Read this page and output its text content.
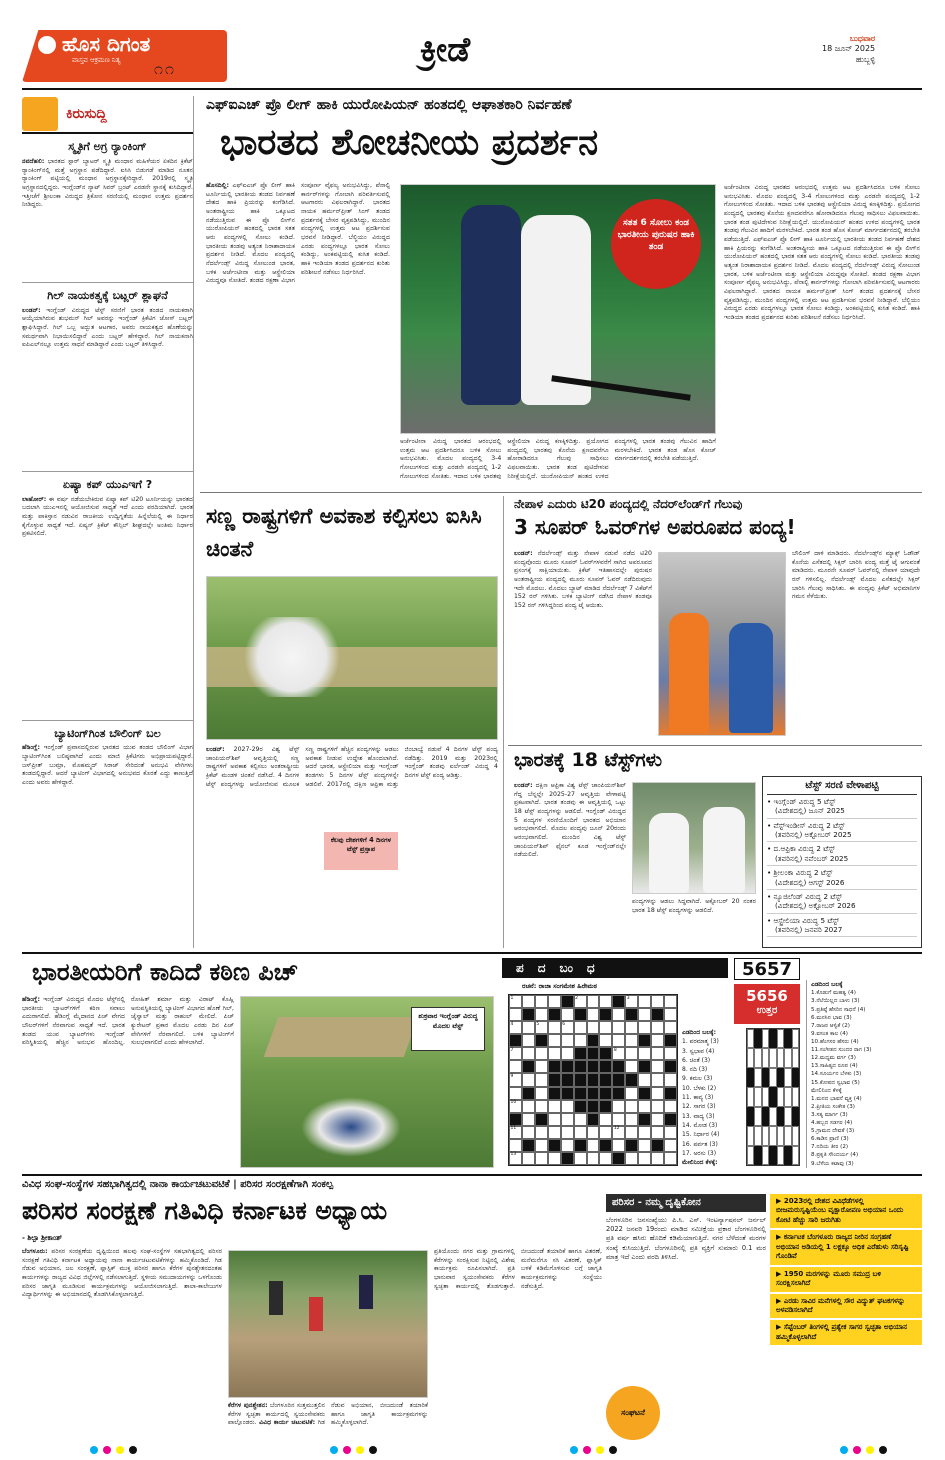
ಹೊಸ ದಿಗಂತ
ವಾಸ್ತವ ಆಕ್ರಮಣ ನಿತ್ಯ ೧೧	ಕ್ರೀಡೆ	ಬುಧವಾರ
18 ಜೂನ್ 2025
ಹುಬ್ಬಳ್ಳಿ
ಕಿರುಸುದ್ದಿ
ಸ್ಮೃತಿಗೆ ಅಗ್ರ ರ‍್ಯಾಂಕಿಂಗ್
ನವದೆಹಲಿ: ಭಾರತದ ಸ್ಟಾರ್ ಬ್ಯಾಟರ್ ಸ್ಮೃತಿ ಮಂಧಾನ ಮಹಿಳೆಯರ ಏಕದಿನ ಕ್ರಿಕೆಟ್ ರ‍್ಯಾಂಕಿಂಗ್‌ನಲ್ಲಿ ಮತ್ತೆ ಅಗ್ರಸ್ಥಾನ ಪಡೆದಿದ್ದಾರೆ. ಐಸಿಸಿ ಬಿಡುಗಡೆ ಮಾಡಿದ ನೂತನ ರ‍್ಯಾಂಕಿಂಗ್ ಪಟ್ಟಿಯಲ್ಲಿ ಮಂಧಾನ ಅಗ್ರಸ್ಥಾನಕ್ಕೇರಿದ್ದಾರೆ. 2019ರಲ್ಲಿ ಸ್ಮೃತಿ ಅಗ್ರಸ್ಥಾನದಲ್ಲಿದ್ದರು. ಇಂಗ್ಲೆಂಡ್‌ನ ನ್ಯಾಟ್ ಸಿವರ್ ಬ್ರಂಟ್ ಎರಡನೇ ಸ್ಥಾನಕ್ಕೆ ಕುಸಿದಿದ್ದಾರೆ. ಇತ್ತೀಚೆಗೆ ಶ್ರೀಲಂಕಾ ವಿರುದ್ಧದ ತ್ರಿಕೋನ ಸರಣಿಯಲ್ಲಿ ಮಂಧಾನ ಉತ್ತಮ ಪ್ರದರ್ಶನ ನೀಡಿದ್ದರು.
ಗಿಲ್ ನಾಯಕತ್ವಕ್ಕೆ ಬಟ್ಲರ್ ಶ್ಲಾಘನೆ
ಲಂಡನ್: ಇಂಗ್ಲೆಂಡ್ ವಿರುದ್ಧದ ಟೆಸ್ಟ್ ಸರಣಿಗೆ ಭಾರತ ತಂಡದ ನಾಯಕರಾಗಿ ಆಯ್ಕೆಯಾಗಿರುವ ಶುಭಮನ್ ಗಿಲ್ ಅವರನ್ನು ಇಂಗ್ಲೆಂಡ್ ಕ್ರಿಕೆಟಿಗ ಜೋಸ್ ಬಟ್ಲರ್ ಶ್ಲಾಘಿಸಿದ್ದಾರೆ. ಗಿಲ್ ಒಬ್ಬ ಅದ್ಭುತ ಆಟಗಾರ, ಅವರು ನಾಯಕತ್ವದ ಹೊಣೆಯನ್ನು ಸಮರ್ಥವಾಗಿ ನಿಭಾಯಿಸಲಿದ್ದಾರೆ ಎಂದು ಬಟ್ಲರ್ ಹೇಳಿದ್ದಾರೆ. ಗಿಲ್ ನಾಯಕನಾಗಿ ಐಪಿಎಲ್‌ನಲ್ಲೂ ಉತ್ತಮ ಸಾಧನೆ ಮಾಡಿದ್ದಾರೆ ಎಂದು ಬಟ್ಲರ್ ತಿಳಿಸಿದ್ದಾರೆ.
ಏಷ್ಯಾ ಕಪ್ ಯುಎಇಗೆ ?
ಲಾಹೋರ್: ಈ ವರ್ಷ ನಡೆಯಬೇಕಿರುವ ಏಷ್ಯಾ ಕಪ್ ಟಿ20 ಟೂರ್ನಿಯನ್ನು ಭಾರತದ ಬದಲಾಗಿ ಯುಎಇನಲ್ಲಿ ಆಯೋಜಿಸುವ ಸಾಧ್ಯತೆ ಇದೆ ಎಂದು ವರದಿಯಾಗಿದೆ. ಭಾರತ ಮತ್ತು ಪಾಕಿಸ್ತಾನ ನಡುವಿನ ರಾಜಕೀಯ ಉದ್ವಿಗ್ನತೆಯ ಹಿನ್ನೆಲೆಯಲ್ಲಿ ಈ ನಿರ್ಧಾರ ಕೈಗೊಳ್ಳುವ ಸಾಧ್ಯತೆ ಇದೆ. ಏಷ್ಯನ್ ಕ್ರಿಕೆಟ್ ಕೌನ್ಸಿಲ್ ಶೀಘ್ರದಲ್ಲೇ ಅಂತಿಮ ನಿರ್ಧಾರ ಪ್ರಕಟಿಸಲಿದೆ.
ಬ್ಯಾಟಿಂಗ್‌ಗಿಂತ ಬೌಲಿಂಗ್ ಬಲ
ಹೆಡಿಂಗ್ಲೆ: ಇಂಗ್ಲೆಂಡ್ ಪ್ರವಾಸದಲ್ಲಿರುವ ಭಾರತದ ಯುವ ತಂಡದ ಬೌಲಿಂಗ್ ವಿಭಾಗ ಬ್ಯಾಟಿಂಗ್‌ಗಿಂತ ಬಲಿಷ್ಠವಾಗಿದೆ ಎಂದು ಮಾಜಿ ಕ್ರಿಕೆಟಿಗರು ಅಭಿಪ್ರಾಯಪಟ್ಟಿದ್ದಾರೆ. ಜಸ್‌ಪ್ರೀತ್ ಬುಮ್ರಾ, ಮೊಹಮ್ಮದ್ ಸಿರಾಜ್ ಸೇರಿದಂತೆ ಅನುಭವಿ ವೇಗಿಗಳು ತಂಡದಲ್ಲಿದ್ದಾರೆ. ಆದರೆ ಬ್ಯಾಟಿಂಗ್ ವಿಭಾಗದಲ್ಲಿ ಅನುಭವದ ಕೊರತೆ ಎದ್ದು ಕಾಣುತ್ತಿದೆ ಎಂದು ಅವರು ಹೇಳಿದ್ದಾರೆ.
ಎಫ್‌ಐಎಚ್ ಪ್ರೊ ಲೀಗ್ ಹಾಕಿ ಯುರೋಪಿಯನ್ ಹಂತದಲ್ಲಿ ಆಘಾತಕಾರಿ ನಿರ್ವಹಣೆ
ಭಾರತದ ಶೋಚನೀಯ ಪ್ರದರ್ಶನ
ಹೊಸದಿಲ್ಲಿ: ಎಫ್‌ಐಎಚ್ ಪ್ರೊ ಲೀಗ್ ಹಾಕಿ ಟೂರ್ನಿಯಲ್ಲಿ ಭಾರತೀಯ ತಂಡದ ನಿರ್ವಹಣೆ ದೇಶದ ಹಾಕಿ ಪ್ರಿಯರನ್ನು ಕಂಗೆಡಿಸಿದೆ. ಅಂತರಾಷ್ಟ್ರೀಯ ಹಾಕಿ ಒಕ್ಕೂಟದ ನಡೆಯುತ್ತಿರುವ ಈ ಪ್ರೊ ಲೀಗ್‌ನ ಯುರೋಪಿಯನ್ ಹಂತದಲ್ಲಿ ಭಾರತ ಸತತ ಆರು ಪಂದ್ಯಗಳಲ್ಲಿ ಸೋಲು ಕಂಡಿದೆ. ಭಾರತೀಯ ತಂಡವು ಅತ್ಯಂತ ನಿರಾಶಾದಾಯಕ ಪ್ರದರ್ಶನ ನೀಡಿದೆ. ಮೊದಲ ಪಂದ್ಯದಲ್ಲಿ ನೆದರ್ಲೆಂಡ್ಸ್ ವಿರುದ್ಧ ಸೋಲುಂಡ ಭಾರತ, ಬಳಿಕ ಅರ್ಜೆಂಟೀನಾ ಮತ್ತು ಆಸ್ಟ್ರೇಲಿಯಾ ವಿರುದ್ಧವೂ ಸೋತಿದೆ. ತಂಡದ ರಕ್ಷಣಾ ವಿಭಾಗ ಸಂಪೂರ್ಣ ವೈಫಲ್ಯ ಅನುಭವಿಸಿದ್ದು, ಪೆನಾಲ್ಟಿ ಕಾರ್ನರ್‌ಗಳನ್ನು ಗೋಲಾಗಿ ಪರಿವರ್ತಿಸುವಲ್ಲಿ ಆಟಗಾರರು ವಿಫಲರಾಗಿದ್ದಾರೆ. ಭಾರತದ ನಾಯಕ ಹರ್ಮನ್‌ಪ್ರೀತ್ ಸಿಂಗ್ ತಂಡದ ಪ್ರದರ್ಶನಕ್ಕೆ ಬೇಸರ ವ್ಯಕ್ತಪಡಿಸಿದ್ದು, ಮುಂದಿನ ಪಂದ್ಯಗಳಲ್ಲಿ ಉತ್ತಮ ಆಟ ಪ್ರದರ್ಶಿಸುವ ಭರವಸೆ ನೀಡಿದ್ದಾರೆ. ಬೆಲ್ಜಿಯಂ ವಿರುದ್ಧದ ಎರಡು ಪಂದ್ಯಗಳಲ್ಲೂ ಭಾರತ ಸೋಲು ಕಂಡಿದ್ದು, ಅಂಕಪಟ್ಟಿಯಲ್ಲಿ ಕುಸಿತ ಕಂಡಿದೆ. ಹಾಕಿ ಇಂಡಿಯಾ ತಂಡದ ಪ್ರದರ್ಶನದ ಕುರಿತು ಪರಿಶೀಲನೆ ನಡೆಸಲು ನಿರ್ಧರಿಸಿದೆ.
ಸತತ 6 ಸೋಲು ಕಂಡ ಭಾರತೀಯ ಪುರುಷರ ಹಾಕಿ ತಂಡ
ಅರ್ಜೆಂಟೀನಾ ವಿರುದ್ಧ ಭಾರತದ ಆರಂಭದಲ್ಲಿ ಉತ್ತಮ ಆಟ ಪ್ರದರ್ಶಿಸಿದರೂ ಬಳಿಕ ಸೋಲು ಅನುಭವಿಸಿತು. ಮೊದಲ ಪಂದ್ಯದಲ್ಲಿ 3-4 ಗೋಲುಗಳಿಂದ ಮತ್ತು ಎರಡನೇ ಪಂದ್ಯದಲ್ಲಿ 1-2 ಗೋಲುಗಳಿಂದ ಸೋತಿತು. ಇದಾದ ಬಳಿಕ ಭಾರತವು ಆಸ್ಟ್ರೇಲಿಯಾ ವಿರುದ್ಧ ಕಣಕ್ಕಿಳಿದಿತ್ತು. ಪ್ರಯೋಗದ ಪಂದ್ಯದಲ್ಲಿ ಭಾರತವು ಕೊನೆಯ ಕ್ಷಣದವರೆಗೂ ಹೋರಾಡಿದರೂ ಗೆಲುವು ಸಾಧಿಸಲು ವಿಫಲವಾಯಿತು. ಭಾರತ ತಂಡ ಪುಟಿದೇಳುವ ನಿರೀಕ್ಷೆಯಲ್ಲಿದೆ. ಯುರೋಪಿಯನ್ ಹಂತದ ಉಳಿದ ಪಂದ್ಯಗಳಲ್ಲಿ ಭಾರತ ತಂಡವು ಗೆಲುವಿನ ಹಾದಿಗೆ ಮರಳಬೇಕಿದೆ. ಭಾರತ ತಂಡ ಹೊಸ ಕೋಚ್ ಮಾರ್ಗದರ್ಶನದಲ್ಲಿ ತರಬೇತಿ ಪಡೆಯುತ್ತಿದೆ.
ಅರ್ಜೆಂಟೀನಾ ವಿರುದ್ಧ ಭಾರತದ ಆರಂಭದಲ್ಲಿ ಉತ್ತಮ ಆಟ ಪ್ರದರ್ಶಿಸಿದರೂ ಬಳಿಕ ಸೋಲು ಅನುಭವಿಸಿತು. ಮೊದಲ ಪಂದ್ಯದಲ್ಲಿ 3-4 ಗೋಲುಗಳಿಂದ ಮತ್ತು ಎರಡನೇ ಪಂದ್ಯದಲ್ಲಿ 1-2 ಗೋಲುಗಳಿಂದ ಸೋತಿತು. ಇದಾದ ಬಳಿಕ ಭಾರತವು ಆಸ್ಟ್ರೇಲಿಯಾ ವಿರುದ್ಧ ಕಣಕ್ಕಿಳಿದಿತ್ತು. ಪ್ರಯೋಗದ ಪಂದ್ಯದಲ್ಲಿ ಭಾರತವು ಕೊನೆಯ ಕ್ಷಣದವರೆಗೂ ಹೋರಾಡಿದರೂ ಗೆಲುವು ಸಾಧಿಸಲು ವಿಫಲವಾಯಿತು. ಭಾರತ ತಂಡ ಪುಟಿದೇಳುವ ನಿರೀಕ್ಷೆಯಲ್ಲಿದೆ. ಯುರೋಪಿಯನ್ ಹಂತದ ಉಳಿದ ಪಂದ್ಯಗಳಲ್ಲಿ ಭಾರತ ತಂಡವು ಗೆಲುವಿನ ಹಾದಿಗೆ ಮರಳಬೇಕಿದೆ. ಭಾರತ ತಂಡ ಹೊಸ ಕೋಚ್ ಮಾರ್ಗದರ್ಶನದಲ್ಲಿ ತರಬೇತಿ ಪಡೆಯುತ್ತಿದೆ. ಎಫ್‌ಐಎಚ್ ಪ್ರೊ ಲೀಗ್ ಹಾಕಿ ಟೂರ್ನಿಯಲ್ಲಿ ಭಾರತೀಯ ತಂಡದ ನಿರ್ವಹಣೆ ದೇಶದ ಹಾಕಿ ಪ್ರಿಯರನ್ನು ಕಂಗೆಡಿಸಿದೆ. ಅಂತರಾಷ್ಟ್ರೀಯ ಹಾಕಿ ಒಕ್ಕೂಟದ ನಡೆಯುತ್ತಿರುವ ಈ ಪ್ರೊ ಲೀಗ್‌ನ ಯುರೋಪಿಯನ್ ಹಂತದಲ್ಲಿ ಭಾರತ ಸತತ ಆರು ಪಂದ್ಯಗಳಲ್ಲಿ ಸೋಲು ಕಂಡಿದೆ. ಭಾರತೀಯ ತಂಡವು ಅತ್ಯಂತ ನಿರಾಶಾದಾಯಕ ಪ್ರದರ್ಶನ ನೀಡಿದೆ. ಮೊದಲ ಪಂದ್ಯದಲ್ಲಿ ನೆದರ್ಲೆಂಡ್ಸ್ ವಿರುದ್ಧ ಸೋಲುಂಡ ಭಾರತ, ಬಳಿಕ ಅರ್ಜೆಂಟೀನಾ ಮತ್ತು ಆಸ್ಟ್ರೇಲಿಯಾ ವಿರುದ್ಧವೂ ಸೋತಿದೆ. ತಂಡದ ರಕ್ಷಣಾ ವಿಭಾಗ ಸಂಪೂರ್ಣ ವೈಫಲ್ಯ ಅನುಭವಿಸಿದ್ದು, ಪೆನಾಲ್ಟಿ ಕಾರ್ನರ್‌ಗಳನ್ನು ಗೋಲಾಗಿ ಪರಿವರ್ತಿಸುವಲ್ಲಿ ಆಟಗಾರರು ವಿಫಲರಾಗಿದ್ದಾರೆ. ಭಾರತದ ನಾಯಕ ಹರ್ಮನ್‌ಪ್ರೀತ್ ಸಿಂಗ್ ತಂಡದ ಪ್ರದರ್ಶನಕ್ಕೆ ಬೇಸರ ವ್ಯಕ್ತಪಡಿಸಿದ್ದು, ಮುಂದಿನ ಪಂದ್ಯಗಳಲ್ಲಿ ಉತ್ತಮ ಆಟ ಪ್ರದರ್ಶಿಸುವ ಭರವಸೆ ನೀಡಿದ್ದಾರೆ. ಬೆಲ್ಜಿಯಂ ವಿರುದ್ಧದ ಎರಡು ಪಂದ್ಯಗಳಲ್ಲೂ ಭಾರತ ಸೋಲು ಕಂಡಿದ್ದು, ಅಂಕಪಟ್ಟಿಯಲ್ಲಿ ಕುಸಿತ ಕಂಡಿದೆ. ಹಾಕಿ ಇಂಡಿಯಾ ತಂಡದ ಪ್ರದರ್ಶನದ ಕುರಿತು ಪರಿಶೀಲನೆ ನಡೆಸಲು ನಿರ್ಧರಿಸಿದೆ.
ಸಣ್ಣ ರಾಷ್ಟ್ರಗಳಿಗೆ ಅವಕಾಶ ಕಲ್ಪಿಸಲು ಐಸಿಸಿ ಚಿಂತನೆ
ಲಂಡನ್: 2027-29ರ ವಿಶ್ವ ಟೆಸ್ಟ್ ಚಾಂಪಿಯನ್‌ಶಿಪ್ ಆವೃತ್ತಿಯಲ್ಲಿ ಸಣ್ಣ ರಾಷ್ಟ್ರಗಳಿಗೆ ಅವಕಾಶ ಕಲ್ಪಿಸಲು ಅಂತರಾಷ್ಟ್ರೀಯ ಕ್ರಿಕೆಟ್ ಮಂಡಳಿ ಚಿಂತನೆ ನಡೆಸಿದೆ. 4 ದಿನಗಳ ಟೆಸ್ಟ್ ಪಂದ್ಯಗಳನ್ನು ಆಯೋಜಿಸುವ ಮೂಲಕ ಸಣ್ಣ ರಾಷ್ಟ್ರಗಳಿಗೆ ಹೆಚ್ಚಿನ ಪಂದ್ಯಗಳನ್ನು ಆಡಲು ಅವಕಾಶ ನೀಡುವ ಉದ್ದೇಶ ಹೊಂದಲಾಗಿದೆ. ಆದರೆ ಭಾರತ, ಆಸ್ಟ್ರೇಲಿಯಾ ಮತ್ತು ಇಂಗ್ಲೆಂಡ್ ತಂಡಗಳು 5 ದಿನಗಳ ಟೆಸ್ಟ್ ಪಂದ್ಯಗಳನ್ನೇ ಆಡಲಿವೆ. 2017ರಲ್ಲಿ ದಕ್ಷಿಣ ಆಫ್ರಿಕಾ ಮತ್ತು ಜಿಂಬಾಬ್ವೆ ನಡುವೆ 4 ದಿನಗಳ ಟೆಸ್ಟ್ ಪಂದ್ಯ ನಡೆದಿತ್ತು. 2019 ಮತ್ತು 2023ರಲ್ಲಿ ಇಂಗ್ಲೆಂಡ್ ತಂಡವು ಐರ್ಲೆಂಡ್ ವಿರುದ್ಧ 4 ದಿನಗಳ ಟೆಸ್ಟ್ ಪಂದ್ಯ ಆಡಿತ್ತು.
ಕೆಲವು ದೇಶಗಳಿಗೆ 4 ದಿನಗಳ ಟೆಸ್ಟ್ ಪ್ರಸ್ತಾಪ
ನೇಪಾಳ ಎದುರು ಟಿ20 ಪಂದ್ಯದಲ್ಲಿ ನೆದರ್‌ಲೆಂಡ್‌ಗೆ ಗೆಲುವು
3 ಸೂಪರ್ ಓವರ್‌ಗಳ ಅಪರೂಪದ ಪಂದ್ಯ!
ಲಂಡನ್: ನೆದರ್ಲೆಂಡ್ಸ್ ಮತ್ತು ನೇಪಾಳ ನಡುವೆ ನಡೆದ ಟಿ20 ಪಂದ್ಯವೊಂದು ಮೂರು ಸೂಪರ್ ಓವರ್‌ಗಳವರೆಗೆ ಸಾಗಿದ ಅಪರೂಪದ ಪ್ರಸಂಗಕ್ಕೆ ಸಾಕ್ಷಿಯಾಯಿತು. ಕ್ರಿಕೆಟ್ ಇತಿಹಾಸದಲ್ಲೇ ಪುರುಷರ ಅಂತರಾಷ್ಟ್ರೀಯ ಪಂದ್ಯದಲ್ಲಿ ಮೂರು ಸೂಪರ್ ಓವರ್ ನಡೆದಿರುವುದು ಇದೇ ಮೊದಲು. ಮೊದಲು ಬ್ಯಾಟ್ ಮಾಡಿದ ನೆದರ್ಲೆಂಡ್ಸ್ 7 ವಿಕೆಟ್‌ಗೆ 152 ರನ್ ಗಳಿಸಿತು. ಬಳಿಕ ಬ್ಯಾಟಿಂಗ್ ನಡೆಸಿದ ನೇಪಾಳ ತಂಡವೂ 152 ರನ್ ಗಳಿಸಿದ್ದರಿಂದ ಪಂದ್ಯ ಟೈ ಆಯಿತು.
ಬೌಲಿಂಗ್ ದಾಳಿ ಮಾಡಿದರು. ನೆದರ್ಲೆಂಡ್ಸ್‌ನ ಮ್ಯಾಕ್ಸ್ ಓಡೌಡ್ ಕೊನೆಯ ಎಸೆತದಲ್ಲಿ ಸಿಕ್ಸರ್ ಬಾರಿಸಿ ಪಂದ್ಯ ಮತ್ತೆ ಟೈ ಆಗುವಂತೆ ಮಾಡಿದರು. ಮೂರನೇ ಸೂಪರ್ ಓವರ್‌ನಲ್ಲಿ ನೇಪಾಳ ಯಾವುದೇ ರನ್ ಗಳಿಸಲಿಲ್ಲ. ನೆದರ್ಲೆಂಡ್ಸ್ ಮೊದಲ ಎಸೆತದಲ್ಲೇ ಸಿಕ್ಸರ್ ಬಾರಿಸಿ ಗೆಲುವು ಸಾಧಿಸಿತು. ಈ ಪಂದ್ಯವು ಕ್ರಿಕೆಟ್ ಅಭಿಮಾನಿಗಳ ಗಮನ ಸೆಳೆಯಿತು.
ಭಾರತಕ್ಕೆ 18 ಟೆಸ್ಟ್‌ಗಳು
ಲಂಡನ್: ದಕ್ಷಿಣ ಆಫ್ರಿಕಾ ವಿಶ್ವ ಟೆಸ್ಟ್ ಚಾಂಪಿಯನ್‌ಶಿಪ್ ಗೆದ್ದ ಬೆನ್ನಲ್ಲೇ 2025-27 ಆವೃತ್ತಿಯ ವೇಳಾಪಟ್ಟಿ ಪ್ರಕಟವಾಗಿದೆ. ಭಾರತ ತಂಡವು ಈ ಆವೃತ್ತಿಯಲ್ಲಿ ಒಟ್ಟು 18 ಟೆಸ್ಟ್ ಪಂದ್ಯಗಳನ್ನು ಆಡಲಿದೆ. ಇಂಗ್ಲೆಂಡ್ ವಿರುದ್ಧದ 5 ಪಂದ್ಯಗಳ ಸರಣಿಯೊಂದಿಗೆ ಭಾರತದ ಅಭಿಯಾನ ಆರಂಭವಾಗಲಿದೆ. ಮೊದಲ ಪಂದ್ಯವು ಜೂನ್ 20ರಂದು ಆರಂಭವಾಗಲಿದೆ. ಮುಂದಿನ ವಿಶ್ವ ಟೆಸ್ಟ್ ಚಾಂಪಿಯನ್‌ಶಿಪ್ ಫೈನಲ್ ಕೂಡ ಇಂಗ್ಲೆಂಡ್‌ನಲ್ಲೇ ನಡೆಯಲಿದೆ.
ಪಂದ್ಯಗಳನ್ನು ಆಡಲು ಸಿದ್ಧವಾಗಿದೆ. ಅಕ್ಟೋಬರ್ 20 ನಂತರ ಭಾರತ 18 ಟೆಸ್ಟ್ ಪಂದ್ಯಗಳನ್ನು ಆಡಲಿದೆ.
ಟೆಸ್ಟ್ ಸರಣಿ ವೇಳಾಪಟ್ಟಿ
• ಇಂಗ್ಲೆಂಡ್ ವಿರುದ್ಧ 5 ಟೆಸ್ಟ್
(ವಿದೇಶದಲ್ಲಿ) ಜೂನ್ 2025
• ವೆಸ್ಟ್‌ಇಂಡೀಸ್ ವಿರುದ್ಧ 2 ಟೆಸ್ಟ್
(ತವರಿನಲ್ಲಿ) ಅಕ್ಟೋಬರ್ 2025
• ದ.ಆಫ್ರಿಕಾ ವಿರುದ್ಧ 2 ಟೆಸ್ಟ್
(ತವರಿನಲ್ಲಿ) ನವೆಂಬರ್ 2025
• ಶ್ರೀಲಂಕಾ ವಿರುದ್ಧ 2 ಟೆಸ್ಟ್
(ವಿದೇಶದಲ್ಲಿ) ಆಗಸ್ಟ್ 2026
• ನ್ಯೂಜಿಲೆಂಡ್ ವಿರುದ್ಧ 2 ಟೆಸ್ಟ್
(ವಿದೇಶದಲ್ಲಿ) ಅಕ್ಟೋಬರ್ 2026
• ಆಸ್ಟ್ರೇಲಿಯಾ ವಿರುದ್ಧ 5 ಟೆಸ್ಟ್
(ತವರಿನಲ್ಲಿ) ಜನವರಿ 2027
ಭಾರತೀಯರಿಗೆ ಕಾದಿದೆ ಕಠಿಣ ಪಿಚ್
ಹೆಡಿಂಗ್ಲೆ: ಇಂಗ್ಲೆಂಡ್ ವಿರುದ್ಧದ ಮೊದಲ ಟೆಸ್ಟ್‌ನಲ್ಲಿ ಭಾರತೀಯ ಬ್ಯಾಟರ್‌ಗಳಿಗೆ ಕಠಿಣ ಸವಾಲು ಎದುರಾಗಲಿದೆ. ಹೆಡಿಂಗ್ಲೆ ಮೈದಾನದ ಪಿಚ್ ವೇಗದ ಬೌಲರ್‌ಗಳಿಗೆ ನೆರವಾಗುವ ಸಾಧ್ಯತೆ ಇದೆ. ಭಾರತ ತಂಡದ ಯುವ ಬ್ಯಾಟರ್‌ಗಳು ಇಂಗ್ಲೆಂಡ್ ಪರಿಸ್ಥಿತಿಯಲ್ಲಿ ಹೆಚ್ಚಿನ ಅನುಭವ ಹೊಂದಿಲ್ಲ. ರೋಹಿತ್ ಶರ್ಮಾ ಮತ್ತು ವಿರಾಟ್ ಕೊಹ್ಲಿ ಅನುಪಸ್ಥಿತಿಯಲ್ಲಿ ಬ್ಯಾಟಿಂಗ್ ವಿಭಾಗದ ಹೊಣೆ ಗಿಲ್, ಜೈಸ್ವಾಲ್ ಮತ್ತು ರಾಹುಲ್ ಮೇಲಿದೆ. ಪಿಚ್ ಕ್ಯುರೇಟರ್ ಪ್ರಕಾರ ಮೊದಲ ಎರಡು ದಿನ ಪಿಚ್ ವೇಗಿಗಳಿಗೆ ನೆರವಾಗಲಿದೆ. ಬಳಿಕ ಬ್ಯಾಟಿಂಗ್‌ಗೆ ಸುಲಭವಾಗಲಿದೆ ಎಂದು ಹೇಳಲಾಗಿದೆ.
ಶುಕ್ರವಾರ ಇಂಗ್ಲೆಂಡ್ ವಿರುದ್ಧ ಮೊದಲ ಟೆಸ್ಟ್
ಪದಬಂಧ	5657
5656
ಉತ್ತರ
ರಚನೆ: ರಾಜಾ ಸಂಗಮೇಶ ಹಿರೇಮಠ
1	2	3
4	5	6
7	8
9
10
11	12
13
ಎಡದಿಂದ ಬಲಕ್ಕೆ:
1. ಪರಮಾತ್ಮ (3)
3. ಸ್ವಭಾವ (4)
6. ಚಿಂತೆ (3)
8. ನದಿ (3)
9. ಕಮಲ (3)
10. ಬೆಳಕು (2)
11. ಕಾವ್ಯ (3)
12. ಸಾಗರ (3)
13. ವಾದ್ಯ (3)
14. ಮೋಡ (3)
15. ನಿರ್ಧಾರ (4)
16. ಪರ್ವತ (3)
17. ಅರಸು (3)
ಮೇಲಿನಿಂದ ಕೆಳಕ್ಕೆ:
ಎಡದಿಂದ ಬಲಕ್ಕೆ
1.ಕೊಡುಗೆ ಮಹತ್ವ (4)
3.ನೆಲೆಯಿಲ್ಲದ ಬಾಳು (3)
5.ಪ್ರತಿಷ್ಠೆ ಹೆಸರಿನ ಸಾಧನೆ (4)
6.ಮನಸಿನ ಭಾವ (3)
7.ರಾಜರ ಆಳ್ವಿಕೆ (2)
9.ವಸಂತ ಕಾಲ (4)
10.ಹೆಂಗಸರ ಹೆಸರು (4)
11.ಸಂಗೀತದ ಸುಂದರ ರಾಗ (3)
12.ಮಧ್ಯಮ ವರ್ಗ (3)
13.ಸಾಹಿತ್ಯದ ರೂಪ (4)
14.ಸೂರ್ಯನ ಬೆಳಕು (3)
15.ಕೋಪದ ಸ್ವಭಾವ (5)
ಮೇಲಿನಿಂದ ಕೆಳಕ್ಕೆ
1.ಮನದ ಭಾವನೆ ವ್ಯಕ್ತ (4)
2.ಪ್ರೀತಿಯ ಸಂಕೇತ (3)
3.ಸತ್ಯ ಮಾರ್ಗ (3)
4.ಹಬ್ಬದ ಸಡಗರ (4)
5.ಗ್ರಾಮದ ದೇವತೆ (3)
6.ಕಾಡಿನ ಪ್ರಾಣಿ (3)
7.ನದಿಯ ತೀರ (2)
8.ಪ್ರಕೃತಿ ಸೌಂದರ್ಯ (4)
9.ಬೆಳೆಯ ಕಟಾವು (3)
ವಿವಿಧ ಸಂಘ-ಸಂಸ್ಥೆಗಳ ಸಹಭಾಗಿತ್ವದಲ್ಲಿ ನಾನಾ ಕಾರ್ಯಚಟುವಟಿಕೆ | ಪರಿಸರ ಸಂರಕ್ಷಣೆಗಾಗಿ ಸಂಕಲ್ಪ
ಪರಿಸರ ಸಂರಕ್ಷಣೆ ಗತಿವಿಧಿ ಕರ್ನಾಟಕ ಅಧ್ಯಾಯ
- ಶಿಲ್ಪಾ ಶ್ರೀಕಾಂತ್
ಬೆಂಗಳೂರು: ಪರಿಸರ ಸಂರಕ್ಷಣೆಯ ದೃಷ್ಟಿಯಿಂದ ಹಲವು ಸಂಘ-ಸಂಸ್ಥೆಗಳ ಸಹಭಾಗಿತ್ವದಲ್ಲಿ ಪರಿಸರ ಸಂರಕ್ಷಣೆ ಗತಿವಿಧಿ ಕರ್ನಾಟಕ ಅಧ್ಯಾಯವು ನಾನಾ ಕಾರ್ಯಚಟುವಟಿಕೆಗಳನ್ನು ಹಮ್ಮಿಕೊಂಡಿದೆ. ಗಿಡ ನೆಡುವ ಅಭಿಯಾನ, ಜಲ ಸಂರಕ್ಷಣೆ, ಪ್ಲಾಸ್ಟಿಕ್ ಮುಕ್ತ ಪರಿಸರ ಹಾಗೂ ಕೆರೆಗಳ ಪುನಶ್ಚೇತನದಂತಹ ಕಾರ್ಯಗಳನ್ನು ರಾಜ್ಯದ ವಿವಿಧ ಜಿಲ್ಲೆಗಳಲ್ಲಿ ನಡೆಸಲಾಗುತ್ತಿದೆ. ಸ್ಥಳೀಯ ಸಮುದಾಯಗಳನ್ನು ಒಳಗೊಂಡು ಪರಿಸರ ಜಾಗೃತಿ ಮೂಡಿಸುವ ಕಾರ್ಯಕ್ರಮಗಳನ್ನು ಆಯೋಜಿಸಲಾಗುತ್ತಿದೆ. ಶಾಲಾ-ಕಾಲೇಜುಗಳ ವಿದ್ಯಾರ್ಥಿಗಳನ್ನು ಈ ಅಭಿಯಾನದಲ್ಲಿ ತೊಡಗಿಸಿಕೊಳ್ಳಲಾಗುತ್ತಿದೆ.
ಕೆರೆಗಳ ಪುನಶ್ಚೇತನ: ಬೆಂಗಳೂರಿನ ಸುತ್ತಮುತ್ತಲಿನ ಕೆರೆಗಳ ಸ್ವಚ್ಛತಾ ಕಾರ್ಯದಲ್ಲಿ ಸ್ವಯಂಸೇವಕರು ಪಾಲ್ಗೊಂಡರು. ವಿವಿಧ ಕಾರ್ಯ ಚಟುವಟಿಕೆ: ಗಿಡ ನೆಡುವ ಅಭಿಯಾನ, ಬೀಜದುಂಡೆ ತಯಾರಿಕೆ ಹಾಗೂ ಜಾಗೃತಿ ಕಾರ್ಯಕ್ರಮಗಳನ್ನು ಹಮ್ಮಿಕೊಳ್ಳಲಾಗಿದೆ.
ಪ್ರತಿಯೊಂದು ನಗರ ಮತ್ತು ಗ್ರಾಮಗಳಲ್ಲಿ ಕೆರೆಗಳನ್ನು ಸಂರಕ್ಷಿಸುವ ನಿಟ್ಟಿನಲ್ಲಿ ವಿಶೇಷ ಕಾರ್ಯಕ್ರಮ ರೂಪಿಸಲಾಗಿದೆ. ಪ್ರತಿ ಭಾನುವಾರ ಸ್ವಯಂಸೇವಕರು ಕೆರೆಗಳ ಸ್ವಚ್ಛತಾ ಕಾರ್ಯದಲ್ಲಿ ತೊಡಗುತ್ತಾರೆ. ಬೀಜದುಂಡೆ ತಯಾರಿಕೆ ಹಾಗೂ ವಿತರಣೆ, ಮನೆಮನೆಗೂ ಸಸಿ ವಿತರಣೆ, ಪ್ಲಾಸ್ಟಿಕ್ ಬಳಕೆ ಕಡಿಮೆಗೊಳಿಸುವ ಬಗ್ಗೆ ಜಾಗೃತಿ ಕಾರ್ಯಕ್ರಮಗಳನ್ನು ಸಂಸ್ಥೆಯು ನಡೆಸುತ್ತಿದೆ.
ಪರಿಸರ - ನಮ್ಮ ದೃಷ್ಟಿಕೋನ
ಬೆಂಗಳೂರಿನ ಜನಸಂಖ್ಯೆಯು ಪಿ.ಸಿ. ಎಸ್. ಇಂಟರ್ನ್ಯಾಷನಲ್ ಜರ್ನಲ್ 2022 ಜನವರಿ 19ರಂದು ಮಾಡಿದ ಸಮೀಕ್ಷೆಯ ಪ್ರಕಾರ ಬೆಂಗಳೂರಿನಲ್ಲಿ ಪ್ರತಿ ವರ್ಷ ಹಸಿರು ಹೊದಿಕೆ ಕಡಿಮೆಯಾಗುತ್ತಿದೆ. ನಗರ ಬೆಳೆದಂತೆ ಮರಗಳ ಸಂಖ್ಯೆ ಕುಸಿಯುತ್ತಿದೆ. ಬೆಂಗಳೂರಿನಲ್ಲಿ ಪ್ರತಿ ವ್ಯಕ್ತಿಗೆ ಸುಮಾರು 0.1 ಮರ ಮಾತ್ರ ಇದೆ ಎಂದು ವರದಿ ತಿಳಿಸಿದೆ.
ಸಂಘಟನೆ
▶ 2023ರಲ್ಲಿ ದೇಶದ ವಿವಿಧೆಡೆಗಳಲ್ಲಿ ಬೀಜಮರುಸೃಷ್ಟಿಯೆಂಬ ವೃಕ್ಷಾರೋಪಣ ಅಭಿಯಾನ ಒಂದು ಕೋಟಿ ಹೆಚ್ಚು ಸಾರಿ ಜರುಗಿತು
▶ ಕರ್ನಾಟಕ ಬೆಂಗಳೂರು ರಾಜ್ಯದ ನೀರಿನ ಸಂಗ್ರಹಣೆ ಅಭಿಯಾನ ಅಡಿಯಲ್ಲಿ 1 ಲಕ್ಷಕ್ಕೂ ಅಧಿಕ ಎರೆಹುಳು ಸರಿಸೃಷ್ಟಿ ಗೊಂಡಿವೆ
▶ 1950 ಮರಗಳನ್ನು ಮೂರು ಸಮುದ್ರ ಬಳಿ ಸಂರಕ್ಷಿಸಲಾಗಿದೆ
▶ ಎರಡು ಸಾವಿರ ಮನೆಗಳಲ್ಲಿ ಸೌರ ವಿದ್ಯುತ್ ಘಟಕಗಳನ್ನು ಅಳವಡಿಸಲಾಗಿದೆ
▶ ಸೆಪ್ಟೆಂಬರ್ ತಿಂಗಳಲ್ಲಿ ಪ್ರತ್ಯೇಕ ಸಾಗರ ಸ್ವಚ್ಛತಾ ಅಭಿಯಾನ ಹಮ್ಮಿಕೊಳ್ಳಲಾಗಿದೆ
